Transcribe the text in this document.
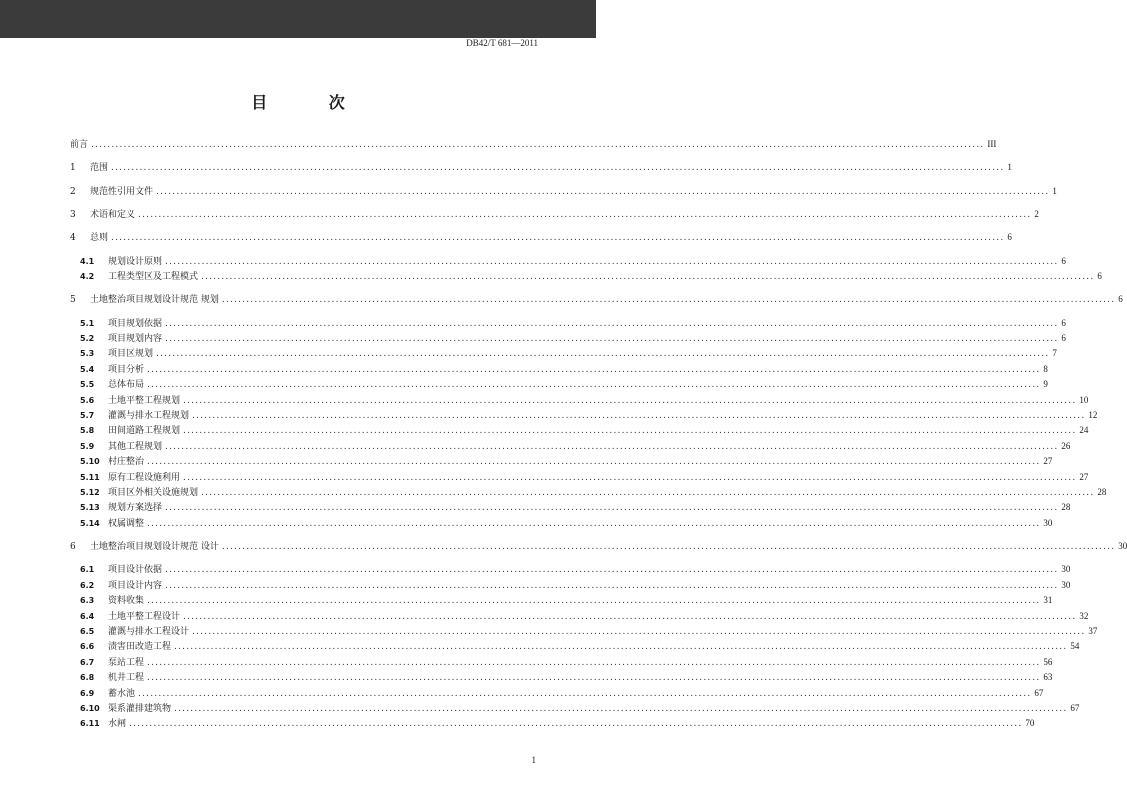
DB42/T 681—2011
目 次
前言 ............................................................................................................................................................................................................................ III
1	范围 ............................................................................................................................................................................................................................ 1
2	规范性引用文件 ............................................................................................................................................................................................................................ 1
3	术语和定义 ............................................................................................................................................................................................................................ 2
4	总则 ............................................................................................................................................................................................................................ 6
4.1	规划设计原则 ............................................................................................................................................................................................................................ 6
4.2	工程类型区及工程模式 ............................................................................................................................................................................................................................ 6
5	土地整治项目规划设计规范 规划 ............................................................................................................................................................................................................................ 6
5.1	项目规划依据 ............................................................................................................................................................................................................................ 6
5.2	项目规划内容 ............................................................................................................................................................................................................................ 6
5.3	项目区规划 ............................................................................................................................................................................................................................ 7
5.4	项目分析 ............................................................................................................................................................................................................................ 8
5.5	总体布局 ............................................................................................................................................................................................................................ 9
5.6	土地平整工程规划 ............................................................................................................................................................................................................................ 10
5.7	灌溉与排水工程规划 ............................................................................................................................................................................................................................ 12
5.8	田间道路工程规划 ............................................................................................................................................................................................................................ 24
5.9	其他工程规划 ............................................................................................................................................................................................................................ 26
5.10 村庄整治 ............................................................................................................................................................................................................................ 27
5.11 原有工程设施利用 ............................................................................................................................................................................................................................ 27
5.12 项目区外相关设施规划 ............................................................................................................................................................................................................................ 28
5.13 规划方案选择 ............................................................................................................................................................................................................................ 28
5.14 权属调整 ............................................................................................................................................................................................................................ 30
6	土地整治项目规划设计规范 设计 ............................................................................................................................................................................................................................ 30
6.1	项目设计依据 ............................................................................................................................................................................................................................ 30
6.2	项目设计内容 ............................................................................................................................................................................................................................ 30
6.3	资料收集 ............................................................................................................................................................................................................................ 31
6.4	土地平整工程设计 ............................................................................................................................................................................................................................ 32
6.5	灌溉与排水工程设计 ............................................................................................................................................................................................................................ 37
6.6	渍害田改造工程 ............................................................................................................................................................................................................................ 54
6.7	泵站工程 ............................................................................................................................................................................................................................ 56
6.8	机井工程 ............................................................................................................................................................................................................................ 63
6.9	蓄水池 ............................................................................................................................................................................................................................ 67
6.10 渠系灌排建筑物 ............................................................................................................................................................................................................................ 67
6.11 水闸 ............................................................................................................................................................................................................................ 70
1
